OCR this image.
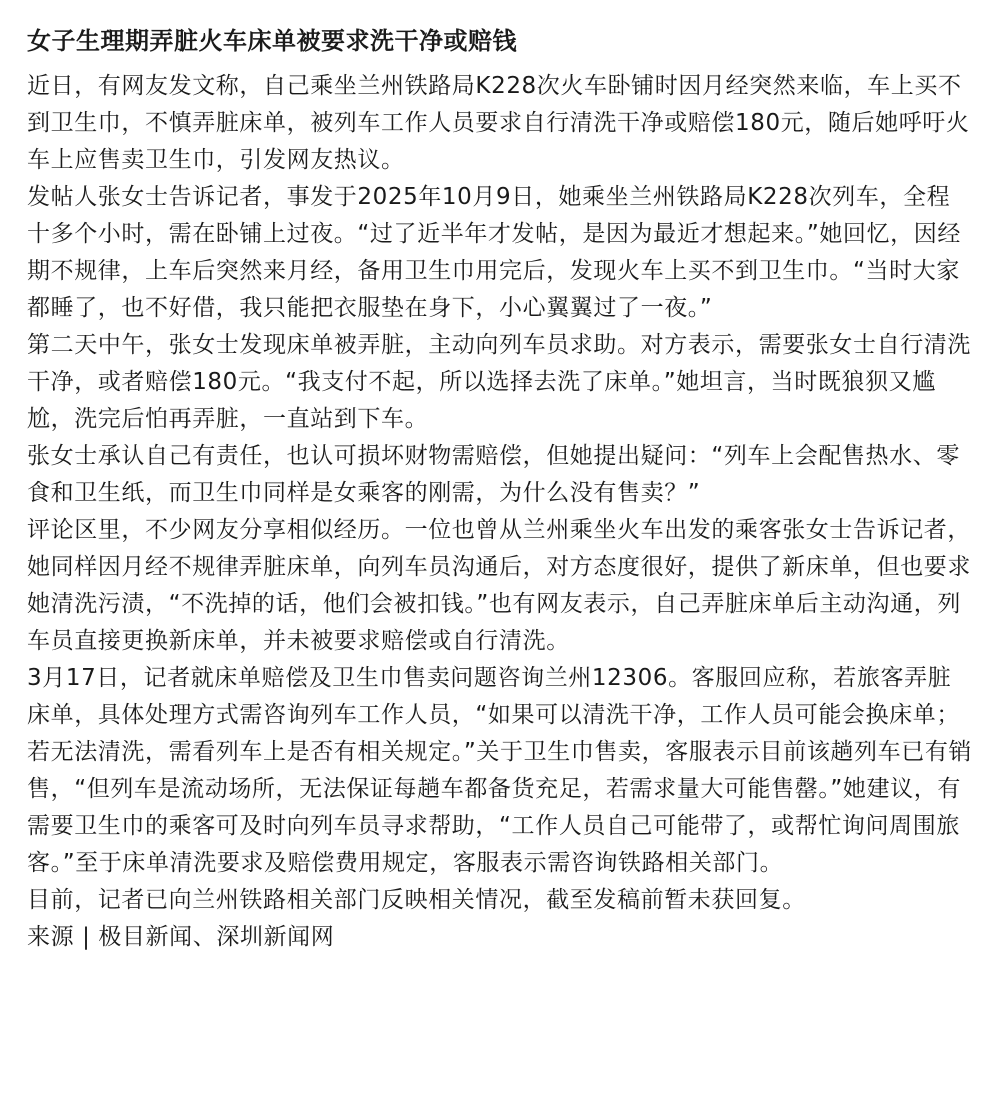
女子生理期弄脏火车床单被要求洗干净或赔钱

近日，有网友发文称，自己乘坐兰州铁路局K228次火车卧铺时因月经突然来临，车上买不到卫生巾，不慎弄脏床单，被列车工作人员要求自行清洗干净或赔偿180元，随后她呼吁火车上应售卖卫生巾，引发网友热议。

发帖人张女士告诉记者，事发于2025年10月9日，她乘坐兰州铁路局K228次列车，全程十多个小时，需在卧铺上过夜。“过了近半年才发帖，是因为最近才想起来。”她回忆，因经期不规律，上车后突然来月经，备用卫生巾用完后，发现火车上买不到卫生巾。“当时大家都睡了，也不好借，我只能把衣服垫在身下，小心翼翼过了一夜。”

第二天中午，张女士发现床单被弄脏，主动向列车员求助。对方表示，需要张女士自行清洗干净，或者赔偿180元。“我支付不起，所以选择去洗了床单。”她坦言，当时既狼狈又尴尬，洗完后怕再弄脏，一直站到下车。

张女士承认自己有责任，也认可损坏财物需赔偿，但她提出疑问：“列车上会配售热水、零食和卫生纸，而卫生巾同样是女乘客的刚需，为什么没有售卖？”

评论区里，不少网友分享相似经历。一位也曾从兰州乘坐火车出发的乘客张女士告诉记者，她同样因月经不规律弄脏床单，向列车员沟通后，对方态度很好，提供了新床单，但也要求她清洗污渍，“不洗掉的话，他们会被扣钱。”也有网友表示，自己弄脏床单后主动沟通，列车员直接更换新床单，并未被要求赔偿或自行清洗。

3月17日，记者就床单赔偿及卫生巾售卖问题咨询兰州12306。客服回应称，若旅客弄脏床单，具体处理方式需咨询列车工作人员，“如果可以清洗干净，工作人员可能会换床单；若无法清洗，需看列车上是否有相关规定。”关于卫生巾售卖，客服表示目前该趟列车已有销售，“但列车是流动场所，无法保证每趟车都备货充足，若需求量大可能售罄。”她建议，有需要卫生巾的乘客可及时向列车员寻求帮助，“工作人员自己可能带了，或帮忙询问周围旅客。”至于床单清洗要求及赔偿费用规定，客服表示需咨询铁路相关部门。

目前，记者已向兰州铁路相关部门反映相关情况，截至发稿前暂未获回复。

来源 | 极目新闻、深圳新闻网
